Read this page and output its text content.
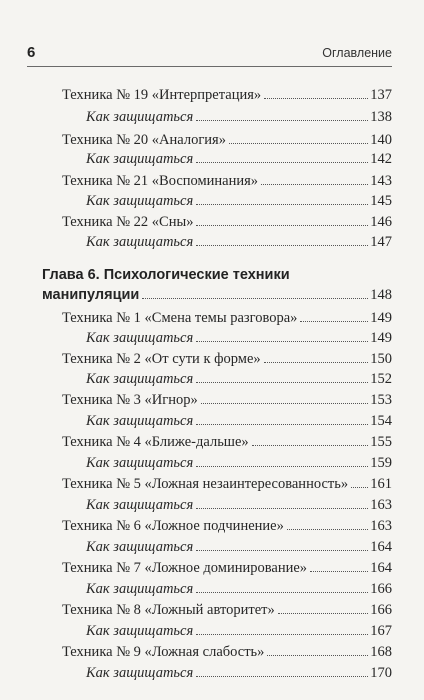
6	Оглавление
Техника № 19 «Интерпретация»	137
Как защищаться	138
Техника № 20 «Аналогия»	140
Как защищаться	142
Техника № 21 «Воспоминания»	143
Как защищаться	145
Техника № 22 «Сны»	146
Как защищаться	147
Глава 6. Психологические техники
манипуляции	148
Техника № 1 «Смена темы разговора»	149
Как защищаться	149
Техника № 2 «От сути к форме»	150
Как защищаться	152
Техника № 3 «Игнор»	153
Как защищаться	154
Техника № 4 «Ближе-дальше»	155
Как защищаться	159
Техника № 5 «Ложная незаинтересованность» 161
Как защищаться	163
Техника № 6 «Ложное подчинение»	163
Как защищаться	164
Техника № 7 «Ложное доминирование»	164
Как защищаться	166
Техника № 8 «Ложный авторитет»	166
Как защищаться	167
Техника № 9 «Ложная слабость»	168
Как защищаться	170
